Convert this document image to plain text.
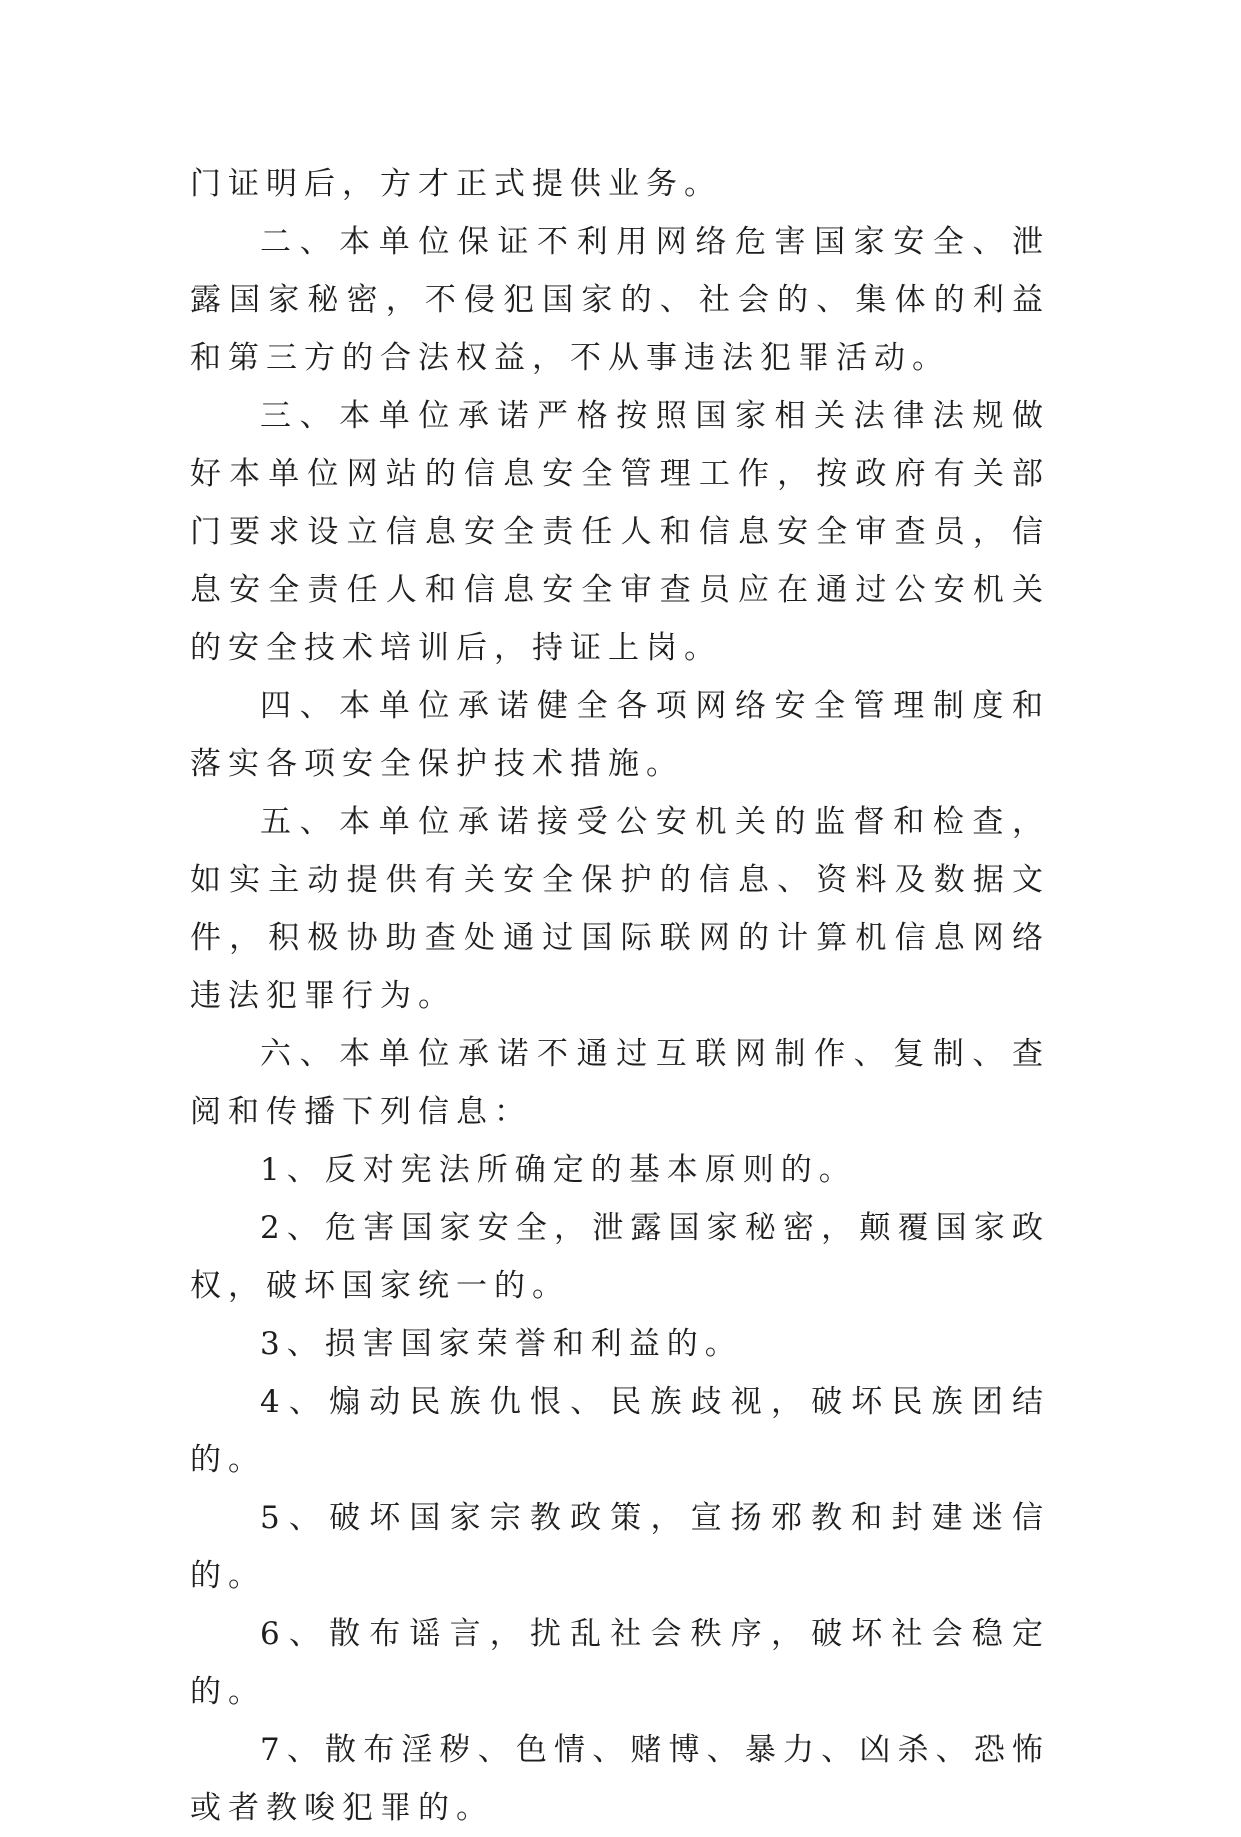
门证明后，方才正式提供业务。

二、本单位保证不利用网络危害国家安全、泄露国家秘密，不侵犯国家的、社会的、集体的利益和第三方的合法权益，不从事违法犯罪活动。

三、本单位承诺严格按照国家相关法律法规做好本单位网站的信息安全管理工作，按政府有关部门要求设立信息安全责任人和信息安全审查员，信息安全责任人和信息安全审查员应在通过公安机关的安全技术培训后，持证上岗。

四、本单位承诺健全各项网络安全管理制度和落实各项安全保护技术措施。

五、本单位承诺接受公安机关的监督和检查，如实主动提供有关安全保护的信息、资料及数据文件，积极协助查处通过国际联网的计算机信息网络违法犯罪行为。

六、本单位承诺不通过互联网制作、复制、查阅和传播下列信息：

1、反对宪法所确定的基本原则的。

2、危害国家安全，泄露国家秘密，颠覆国家政权，破坏国家统一的。

3、损害国家荣誉和利益的。

4、煽动民族仇恨、民族歧视，破坏民族团结的。

5、破坏国家宗教政策，宣扬邪教和封建迷信的。

6、散布谣言，扰乱社会秩序，破坏社会稳定的。

7、散布淫秽、色情、赌博、暴力、凶杀、恐怖或者教唆犯罪的。
